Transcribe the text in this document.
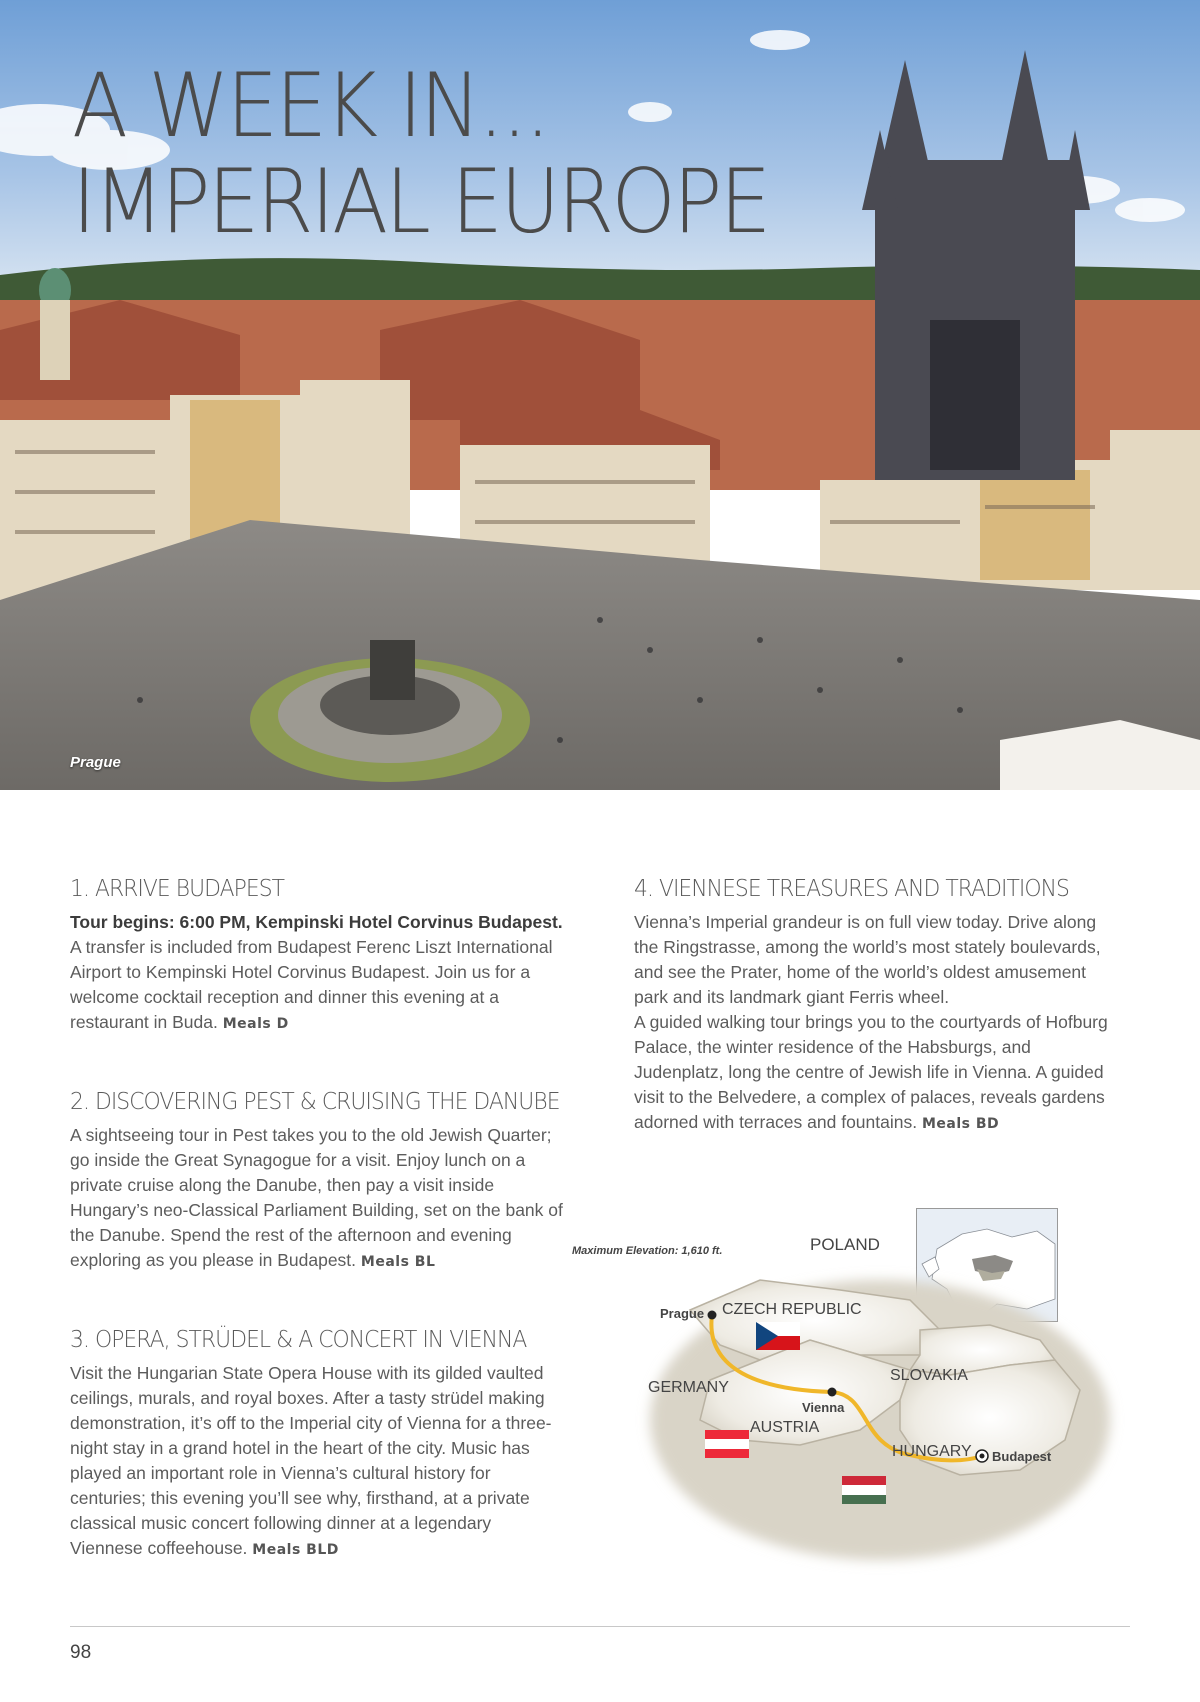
A WEEK IN...
IMPERIAL EUROPE
Prague
1. ARRIVE BUDAPEST

Tour begins: 6:00 PM, Kempinski Hotel Corvinus Budapest. A transfer is included from Budapest Ferenc Liszt International Airport to Kempinski Hotel Corvinus Budapest. Join us for a welcome cocktail reception and dinner this evening at a restaurant in Buda. Meals D

2. DISCOVERING PEST & CRUISING THE DANUBE

A sightseeing tour in Pest takes you to the old Jewish Quarter; go inside the Great Synagogue for a visit. Enjoy lunch on a private cruise along the Danube, then pay a visit inside Hungary’s neo-Classical Parliament Building, set on the bank of the Danube. Spend the rest of the afternoon and evening exploring as you please in Budapest. Meals BL

3. OPERA, STRÜDEL & A CONCERT IN VIENNA

Visit the Hungarian State Opera House with its gilded vaulted ceilings, murals, and royal boxes. After a tasty strüdel making demonstration, it’s off to the Imperial city of Vienna for a three-night stay in a grand hotel in the heart of the city. Music has played an important role in Vienna’s cultural history for centuries; this evening you’ll see why, firsthand, at a private classical music concert following dinner at a legendary Viennese coffeehouse. Meals BLD

4. VIENNESE TREASURES AND TRADITIONS

Vienna’s Imperial grandeur is on full view today. Drive along the Ringstrasse, among the world’s most stately boulevards, and see the Prater, home of the world’s oldest amusement park and its landmark giant Ferris wheel.
A guided walking tour brings you to the courtyards of Hofburg Palace, the winter residence of the Habsburgs, and Judenplatz, long the centre of Jewish life in Vienna. A guided visit to the Belvedere, a complex of palaces, reveals gardens adorned with terraces and fountains. Meals BD

Maximum Elevation: 1,610 ft.	POLAND
CZECH REPUBLIC
GERMANY
SLOVAKIA
AUSTRIA
HUNGARY
Prague
Vienna
Budapest
98
